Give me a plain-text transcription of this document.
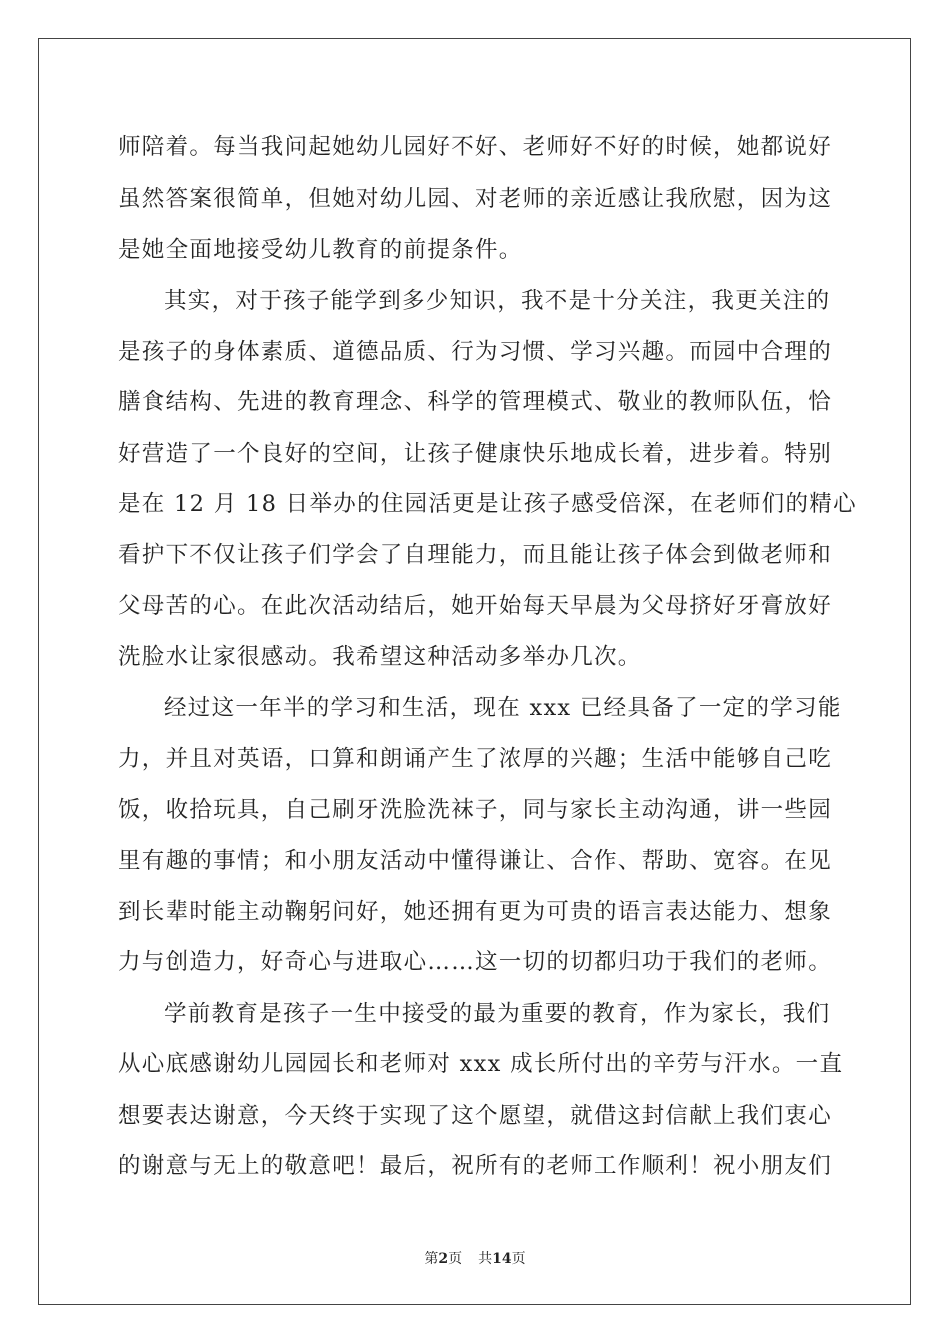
师陪着。每当我问起她幼儿园好不好、老师好不好的时候，她都说好
虽然答案很简单，但她对幼儿园、对老师的亲近感让我欣慰，因为这
是她全面地接受幼儿教育的前提条件。
其实，对于孩子能学到多少知识，我不是十分关注，我更关注的
是孩子的身体素质、道德品质、行为习惯、学习兴趣。而园中合理的
膳食结构、先进的教育理念、科学的管理模式、敬业的教师队伍，恰
好营造了一个良好的空间，让孩子健康快乐地成长着，进步着。特别
是在 12 月 18 日举办的住园活更是让孩子感受倍深，在老师们的精心
看护下不仅让孩子们学会了自理能力，而且能让孩子体会到做老师和
父母苦的心。在此次活动结后，她开始每天早晨为父母挤好牙膏放好
洗脸水让家很感动。我希望这种活动多举办几次。
经过这一年半的学习和生活，现在 xxx 已经具备了一定的学习能
力，并且对英语，口算和朗诵产生了浓厚的兴趣；生活中能够自己吃
饭，收拾玩具，自己刷牙洗脸洗袜子，同与家长主动沟通，讲一些园
里有趣的事情；和小朋友活动中懂得谦让、合作、帮助、宽容。在见
到长辈时能主动鞠躬问好，她还拥有更为可贵的语言表达能力、想象
力与创造力，好奇心与进取心……这一切的切都归功于我们的老师。
学前教育是孩子一生中接受的最为重要的教育，作为家长，我们
从心底感谢幼儿园园长和老师对 xxx 成长所付出的辛劳与汗水。一直
想要表达谢意，今天终于实现了这个愿望，就借这封信献上我们衷心
的谢意与无上的敬意吧！最后，祝所有的老师工作顺利！祝小朋友们
第2页 共14页
